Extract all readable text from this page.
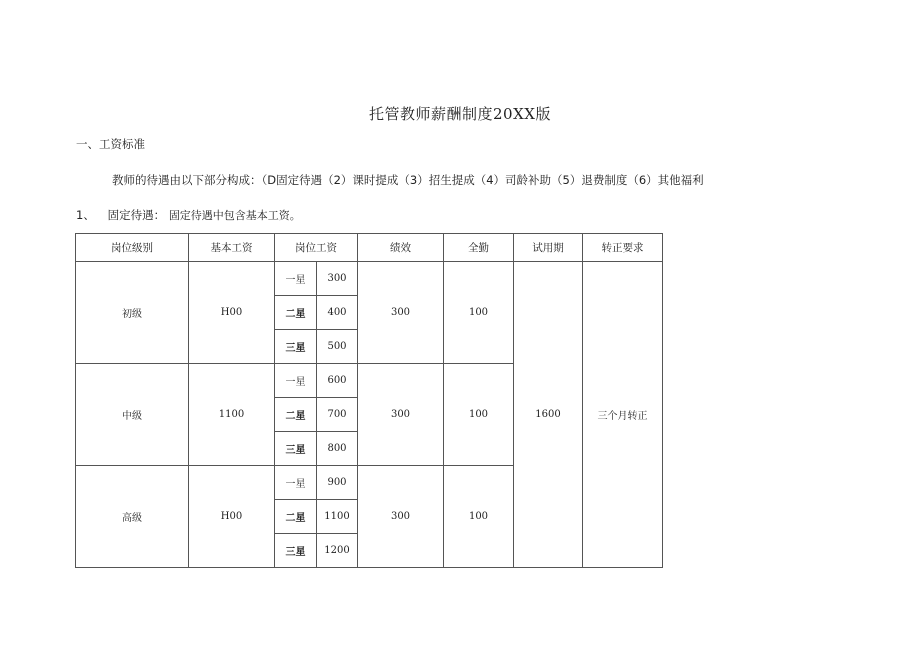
托管教师薪酬制度20XX版
一、工资标准
教师的待遇由以下部分构成：（D固定待遇（2）课时提成（3）招生提成（4）司龄补助（5）退费制度（6）其他福利
1、 固定待遇： 固定待遇中包含基本工资。
岗位级别	基本工资	岗位工资		绩效	全勤	试用期	转正要求
初级	H00	一星	300	300	100	1600	三个月转正
		二星	400				
		三星	500				
中级	1100	一星	600	300	100		
		二星	700				
		三星	800				
高级	H00	一星	900	300	100		
		二星	1100				
		三星	1200				
